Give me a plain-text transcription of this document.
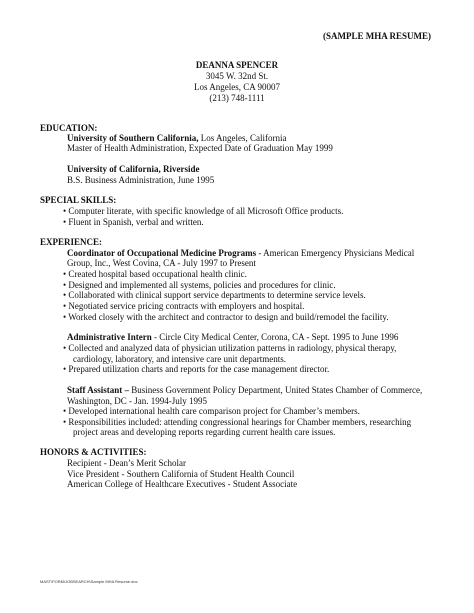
(SAMPLE MHA RESUME)
DEANNA SPENCER
3045 W. 32nd St.
Los Angeles, CA 90007
(213) 748-1111
EDUCATION:
University of Southern California, Los Angeles, California
Master of Health Administration, Expected Date of Graduation May 1999
University of California, Riverside
B.S. Business Administration, June 1995
SPECIAL SKILLS:
• Computer literate, with specific knowledge of all Microsoft Office products.
• Fluent in Spanish, verbal and written.
EXPERIENCE:
Coordinator of Occupational Medicine Programs - American Emergency Physicians Medical
Group, Inc., West Covina, CA - July 1997 to Present
• Created hospital based occupational health clinic.
• Designed and implemented all systems, policies and procedures for clinic.
• Collaborated with clinical support service departments to determine service levels.
• Negotiated service pricing contracts with employers and hospital.
• Worked closely with the architect and contractor to design and build/remodel the facility.
Administrative Intern - Circle City Medical Center, Corona, CA - Sept. 1995 to June 1996
• Collected and analyzed data of physician utilization patterns in radiology, physical therapy,
cardiology, laboratory, and intensive care unit departments.
• Prepared utilization charts and reports for the case management director.
Staff Assistant – Business Government Policy Department, United States Chamber of Commerce,
Washington, DC - Jan. 1994-July 1995
• Developed international health care comparison project for Chamber’s members.
• Responsibilities included: attending congressional hearings for Chamber members, researching
project areas and developing reports regarding current health care issues.
HONORS & ACTIVITIES:
Recipient - Dean’s Merit Scholar
Vice President - Southern California of Student Health Council
American College of Healthcare Executives - Student Associate
MAST\FORM\JOBSEARCH\Sample MHA Resume.doc
